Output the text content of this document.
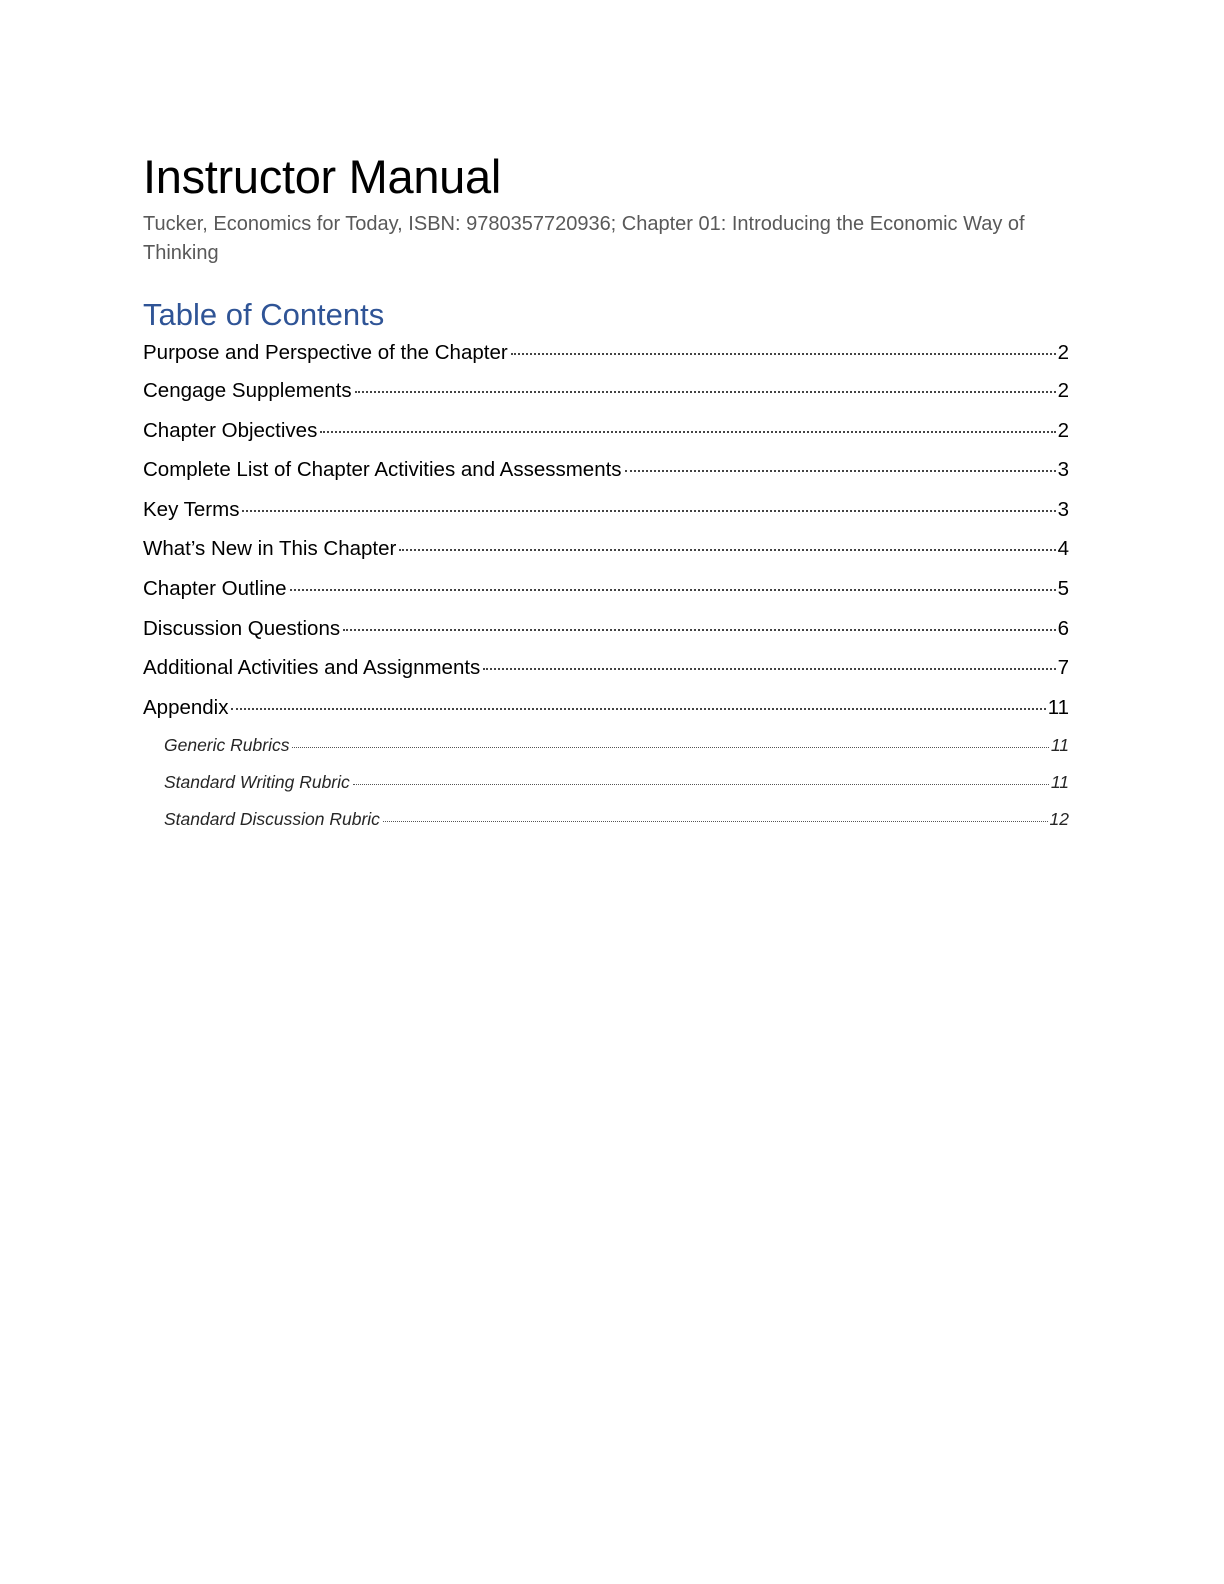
Instructor Manual
Tucker, Economics for Today, ISBN: 9780357720936; Chapter 01: Introducing the Economic Way of Thinking
Table of Contents
Purpose and Perspective of the Chapter	2
Cengage Supplements	2
Chapter Objectives	2
Complete List of Chapter Activities and Assessments	3
Key Terms	3
What’s New in This Chapter	4
Chapter Outline	5
Discussion Questions	6
Additional Activities and Assignments	7
Appendix	11
Generic Rubrics	11
Standard Writing Rubric	11
Standard Discussion Rubric	12
